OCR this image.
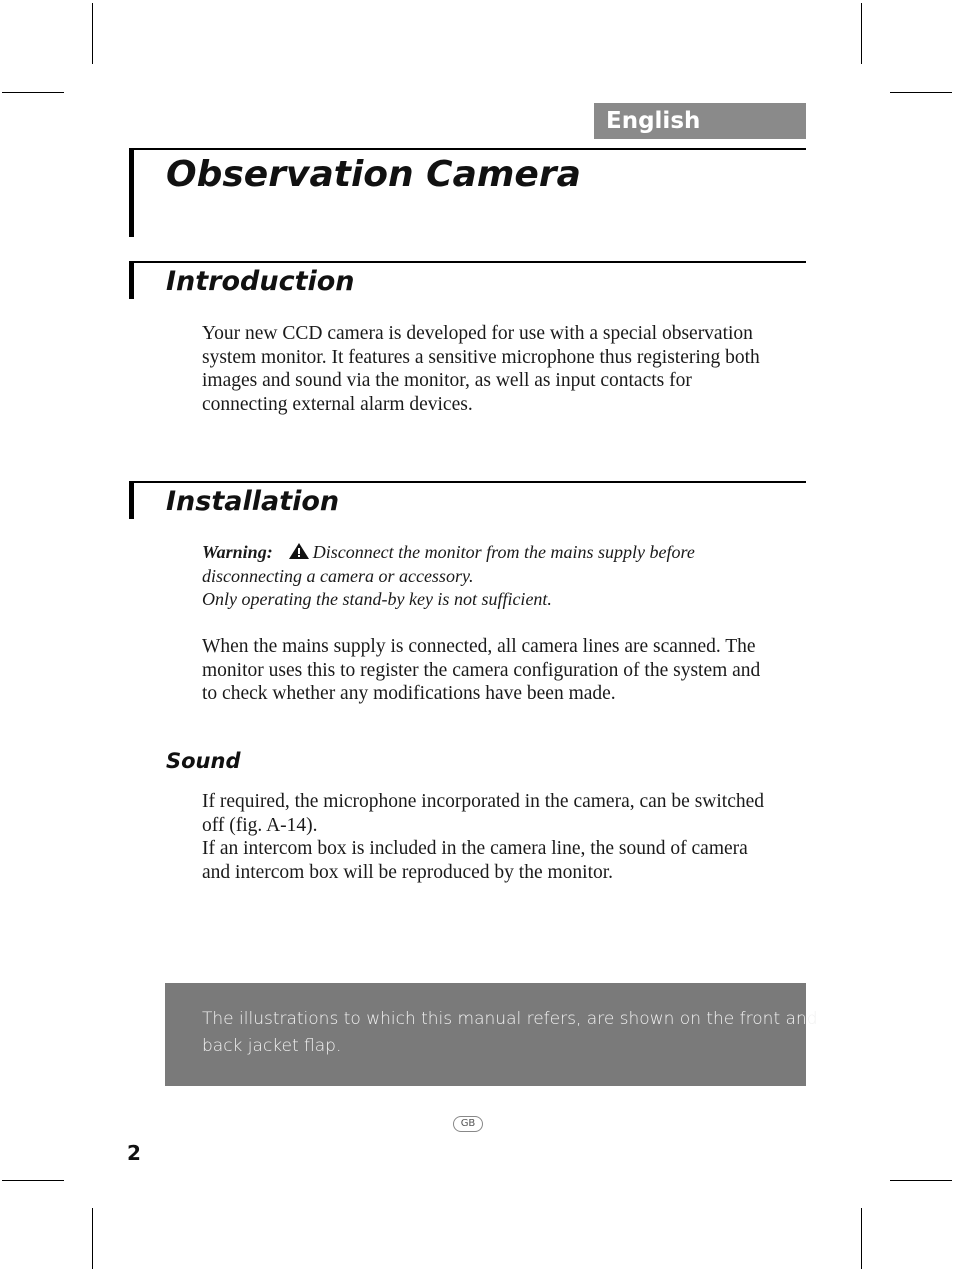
English
Observation Camera
Introduction

Your new CCD camera is developed for use with a special observation
system monitor. It features a sensitive microphone thus registering both
images and sound via the monitor, as well as input contacts for
connecting external alarm devices.

Installation

Warning: Disconnect the monitor from the mains supply before
disconnecting a camera or accessory.
Only operating the stand-by key is not sufficient.

When the mains supply is connected, all camera lines are scanned. The
monitor uses this to register the camera configuration of the system and
to check whether any modifications have been made.

Sound

If required, the microphone incorporated in the camera, can be switched
off (fig. A-14).
If an intercom box is included in the camera line, the sound of camera
and intercom box will be reproduced by the monitor.

The illustrations to which this manual refers, are shown on the front and
back jacket flap.

GB
2
